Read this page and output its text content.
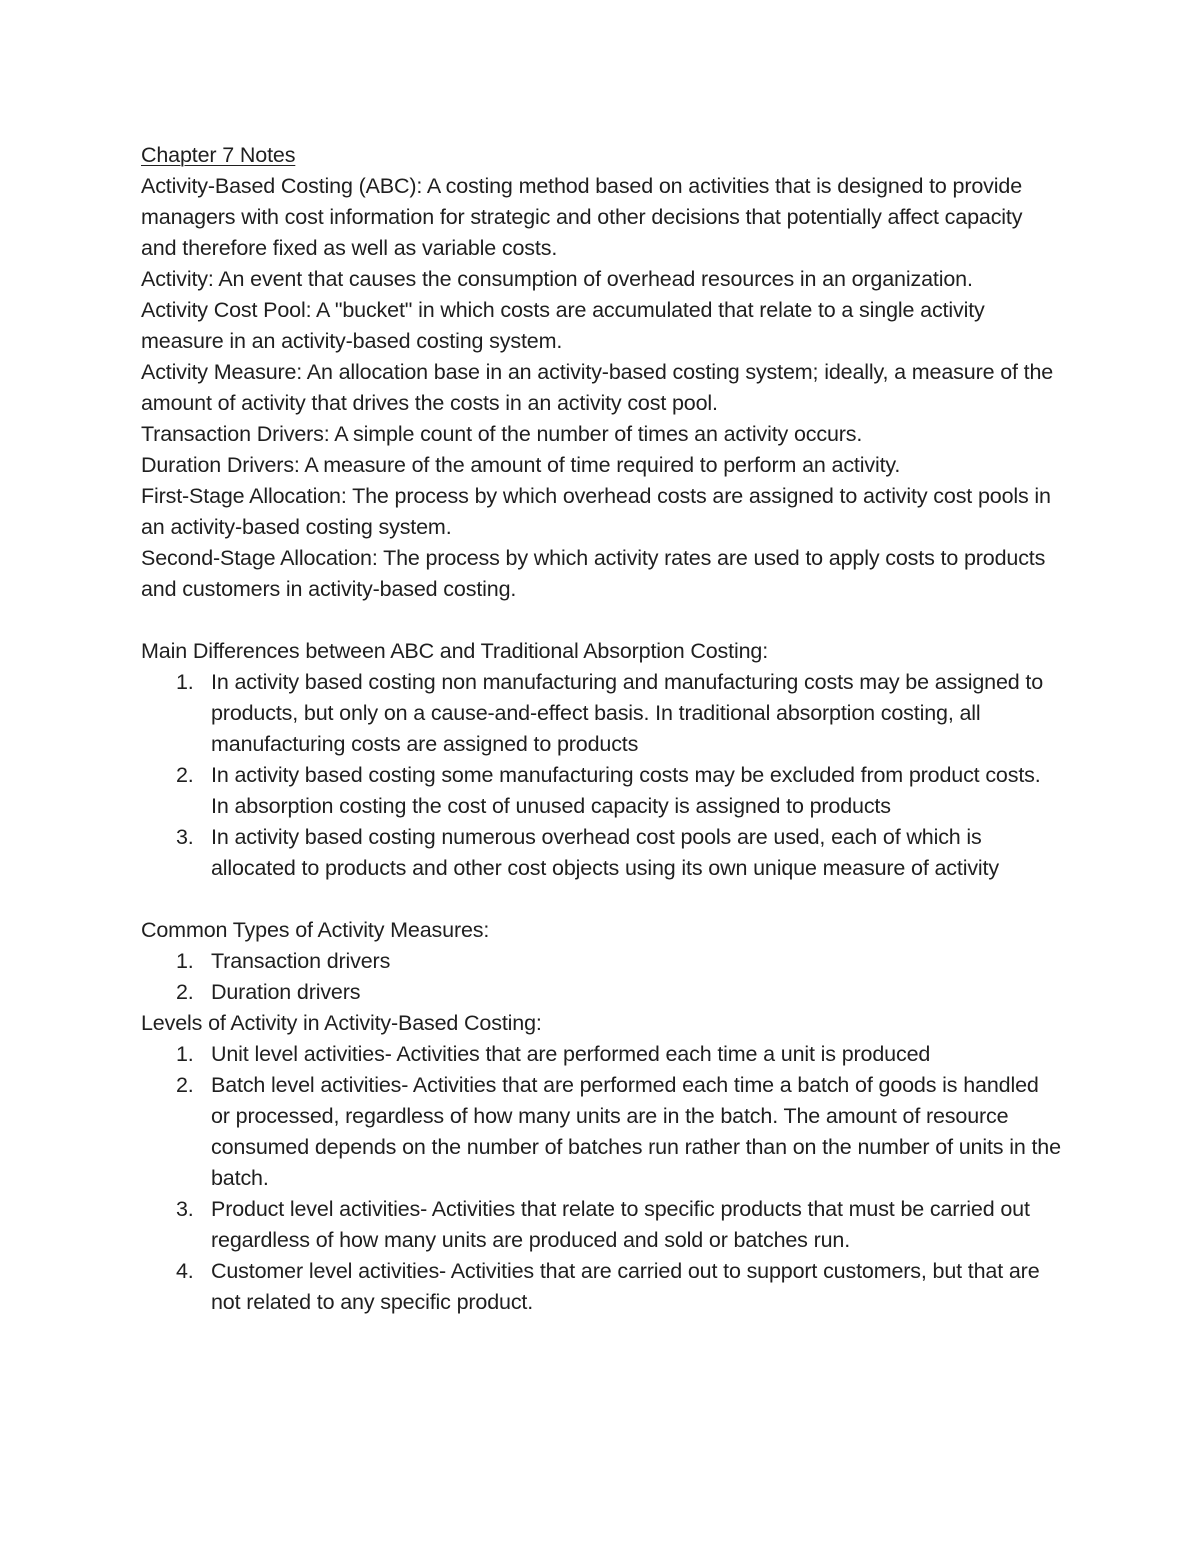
Chapter 7 Notes

Activity-Based Costing (ABC): A costing method based on activities that is designed to provide managers with cost information for strategic and other decisions that potentially affect capacity and therefore fixed as well as variable costs.

Activity: An event that causes the consumption of overhead resources in an organization.

Activity Cost Pool: A "bucket" in which costs are accumulated that relate to a single activity measure in an activity-based costing system.

Activity Measure: An allocation base in an activity-based costing system; ideally, a measure of the amount of activity that drives the costs in an activity cost pool.

Transaction Drivers: A simple count of the number of times an activity occurs.

Duration Drivers: A measure of the amount of time required to perform an activity.

First-Stage Allocation: The process by which overhead costs are assigned to activity cost pools in an activity-based costing system.

Second-Stage Allocation: The process by which activity rates are used to apply costs to products and customers in activity-based costing.

Main Differences between ABC and Traditional Absorption Costing:

1. In activity based costing non manufacturing and manufacturing costs may be assigned to products, but only on a cause-and-effect basis. In traditional absorption costing, all manufacturing costs are assigned to products
2. In activity based costing some manufacturing costs may be excluded from product costs. In absorption costing the cost of unused capacity is assigned to products
3. In activity based costing numerous overhead cost pools are used, each of which is allocated to products and other cost objects using its own unique measure of activity

Common Types of Activity Measures:

1. Transaction drivers
2. Duration drivers

Levels of Activity in Activity-Based Costing:

1. Unit level activities- Activities that are performed each time a unit is produced
2. Batch level activities- Activities that are performed each time a batch of goods is handled or processed, regardless of how many units are in the batch. The amount of resource consumed depends on the number of batches run rather than on the number of units in the batch.
3. Product level activities- Activities that relate to specific products that must be carried out regardless of how many units are produced and sold or batches run.
4. Customer level activities- Activities that are carried out to support customers, but that are not related to any specific product.
